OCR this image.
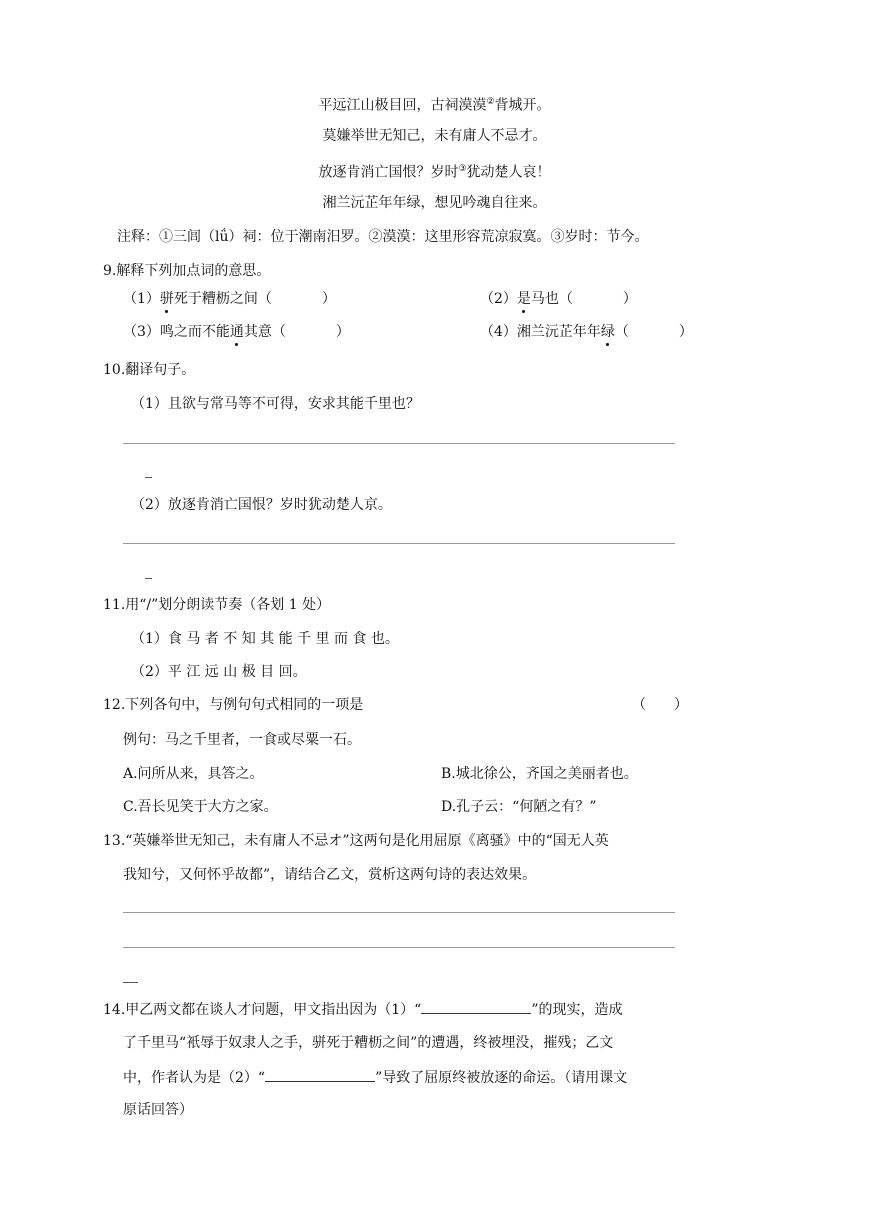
平远江山极目回，古祠漠漠②背城开。
莫嫌举世无知己，未有庸人不忌才。
放逐肯消亡国恨？岁时③犹动楚人哀！
湘兰沅芷年年绿，想见吟魂自往来。
注释：①三闾（lǘ）祠：位于潮南汨罗。②漠漠：这里形容荒凉寂寞。③岁时：节今。
9.解释下列加点词的意思。
（1）骈死于糟枥之间（	）	（2）是马也（	）
（3）鸣之而不能通其意（	）	（4）湘兰沅芷年年绿（	）
10.翻译句子。
（1）且欲与常马等不可得，安求其能千里也？
（2）放逐肯消亡国恨？岁时犹动楚人京。
11.用“/”划分朗读节奏（各划 1 处）
（1）食 马 者 不 知 其 能 千 里 而 食 也。
（2）平 江 远 山 极 目 回。
12.下列各句中，与例句句式相同的一项是	（　　）
例句：马之千里者，一食或尽粟一石。
A.问所从来，具答之。	B.城北徐公，齐国之美丽者也。
C.吾长见笑于大方之家。	D.孔子云：“何陋之有？”
13.“英嫌举世无知己，未有庸人不忌オ”这两句是化用屈原《离骚》中的“国无人英
我知兮，又何怀乎故都”，请结合乙文，赏析这两句诗的表达效果。
14.甲乙两文都在谈人才问题，甲文指出因为（1）“	”的现实，造成
了千里马“衹辱于奴隶人之手，骈死于糟枥之间”的遭遇，终被埋没，摧残；乙文
中，作者认为是（2）“	”导致了屈原终被放逐的命运。（请用课文
原话回答）
